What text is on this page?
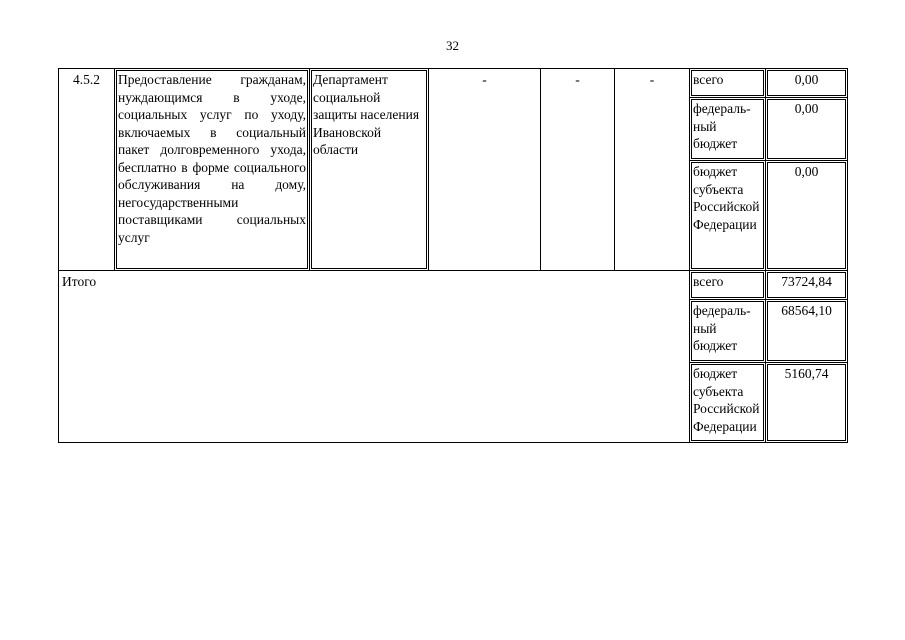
32
4.5.2	Предоставление гражданам, нуждающимся в уходе, социальных услуг по уходу, включаемых в социальный пакет долговременного ухода, бесплатно в форме социального обслуживания на дому, негосударственными поставщиками социальных услуг	Департамент социальной защиты населения Ивановской области	-	-	-	всего	0,00
						федераль-ный бюджет	0,00
						бюджет субъекта Российской Федерации	0,00
Итого						всего	73724,84
						федераль-ный бюджет	68564,10
						бюджет субъекта Российской Федерации	5160,74
